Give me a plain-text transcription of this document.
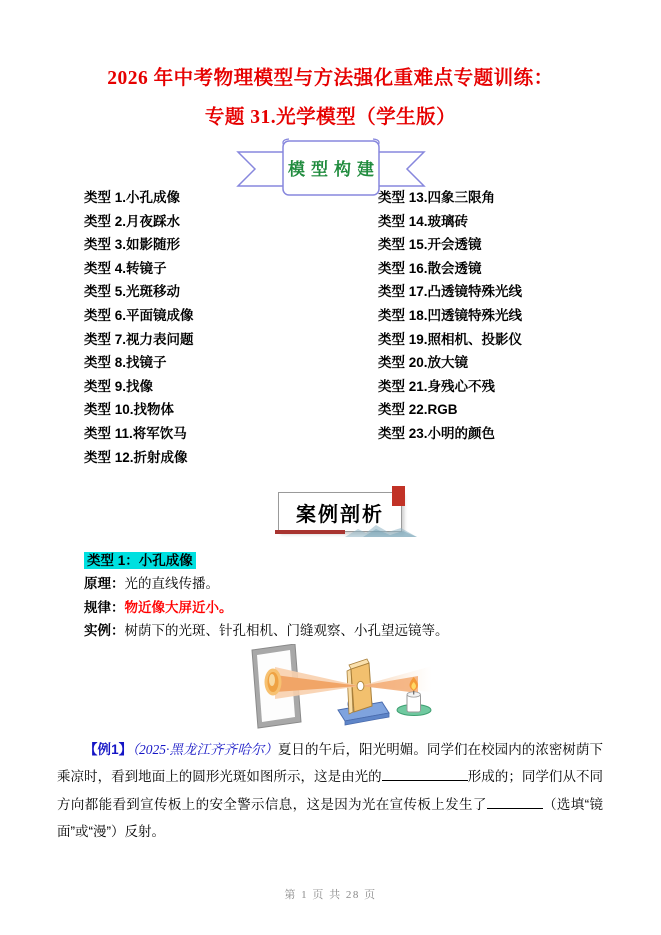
2026 年中考物理模型与方法强化重难点专题训练：
专题 31.光学模型（学生版）
模型构建
类型 1.小孔成像
类型 2.月夜踩水
类型 3.如影随形
类型 4.转镜子
类型 5.光斑移动
类型 6.平面镜成像
类型 7.视力表问题
类型 8.找镜子
类型 9.找像
类型 10.找物体
类型 11.将军饮马
类型 12.折射成像
类型 13.四象三限角
类型 14.玻璃砖
类型 15.开会透镜
类型 16.散会透镜
类型 17.凸透镜特殊光线
类型 18.凹透镜特殊光线
类型 19.照相机、投影仪
类型 20.放大镜
类型 21.身残心不残
类型 22.RGB
类型 23.小明的颜色
案例剖析
类型 1：小孔成像
原理：光的直线传播。
规律：物近像大屏近小。
实例：树荫下的光斑、针孔相机、门缝观察、小孔望远镜等。

【例1】（2025·黑龙江齐齐哈尔）夏日的午后，阳光明媚。同学们在校园内的浓密树荫下乘凉时，看到地面上的圆形光斑如图所示，这是由光的	形成的；同学们从不同方向都能看到宣传板上的安全警示信息，这是因为光在宣传板上发生了	（选填“镜面”或“漫”）反射。

第 1 页 共 28 页
